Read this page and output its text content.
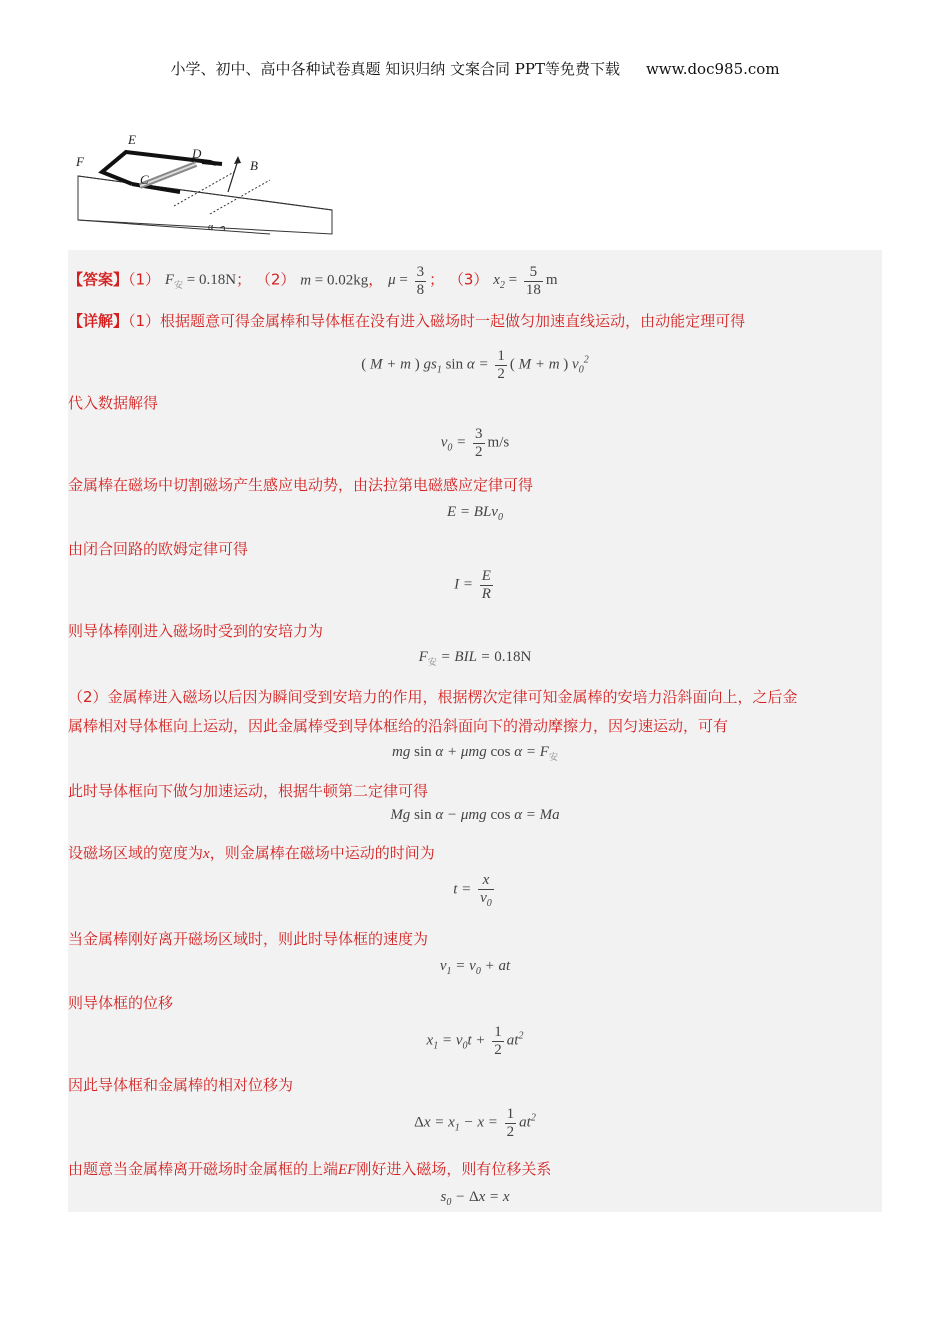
小学、初中、高中各种试卷真题 知识归纳 文案合同 PPT等免费下载 www.doc985.com
F
E
D
C
B
α
【答案】（1） $F_安 = 0.18N$； （2） m = 0.02kg， $\mu = \frac{3}{8}$ ； （3） $x_2 = \frac{5}{18}$ m
【详解】（1）根据题意可得金属棒和导体框在没有进入磁场时一起做匀加速直线运动，由动能定理可得
( M + m ) $gs_1$ $\sin \alpha = \frac{1}{2}$ ( M + m ) $v_0^2$
代入数据解得
$v_0 = \frac{3}{2} m/s$
金属棒在磁场中切割磁场产生感应电动势，由法拉第电磁感应定律可得
E = BLv$_0$
由闭合回路的欧姆定律可得
$I = \frac{E}{R}$
则导体棒刚进入磁场时受到的安培力为
$F_安$ = BIL = 0.18N
（2）金属棒进入磁场以后因为瞬间受到安培力的作用，根据楞次定律可知金属棒的安培力沿斜面向上，之后金
属棒相对导体框向上运动，因此金属棒受到导体框给的沿斜面向下的滑动摩擦力，因匀速运动，可有
mg sin α + μmg $\cos \alpha = F_安$
此时导体框向下做匀加速运动，根据牛顿第二定律可得
Mg sin α − μmg cos α = Ma
设磁场区域的宽度为x，则金属棒在磁场中运动的时间为
$t = \frac{x}{v_0}$
当金属棒刚好离开磁场区域时，则此时导体框的速度为
$v_1 = v_0$ + at
则导体框的位移
$x_1 = v_0t + \frac{1}{2} at^2$
因此导体框和金属棒的相对位移为
$\Delta x = x_1 - x = \frac{1}{2} at^2$
由题意当金属棒离开磁场时金属框的上端EF刚好进入磁场，则有位移关系
$s_0 - \Delta x = x$
